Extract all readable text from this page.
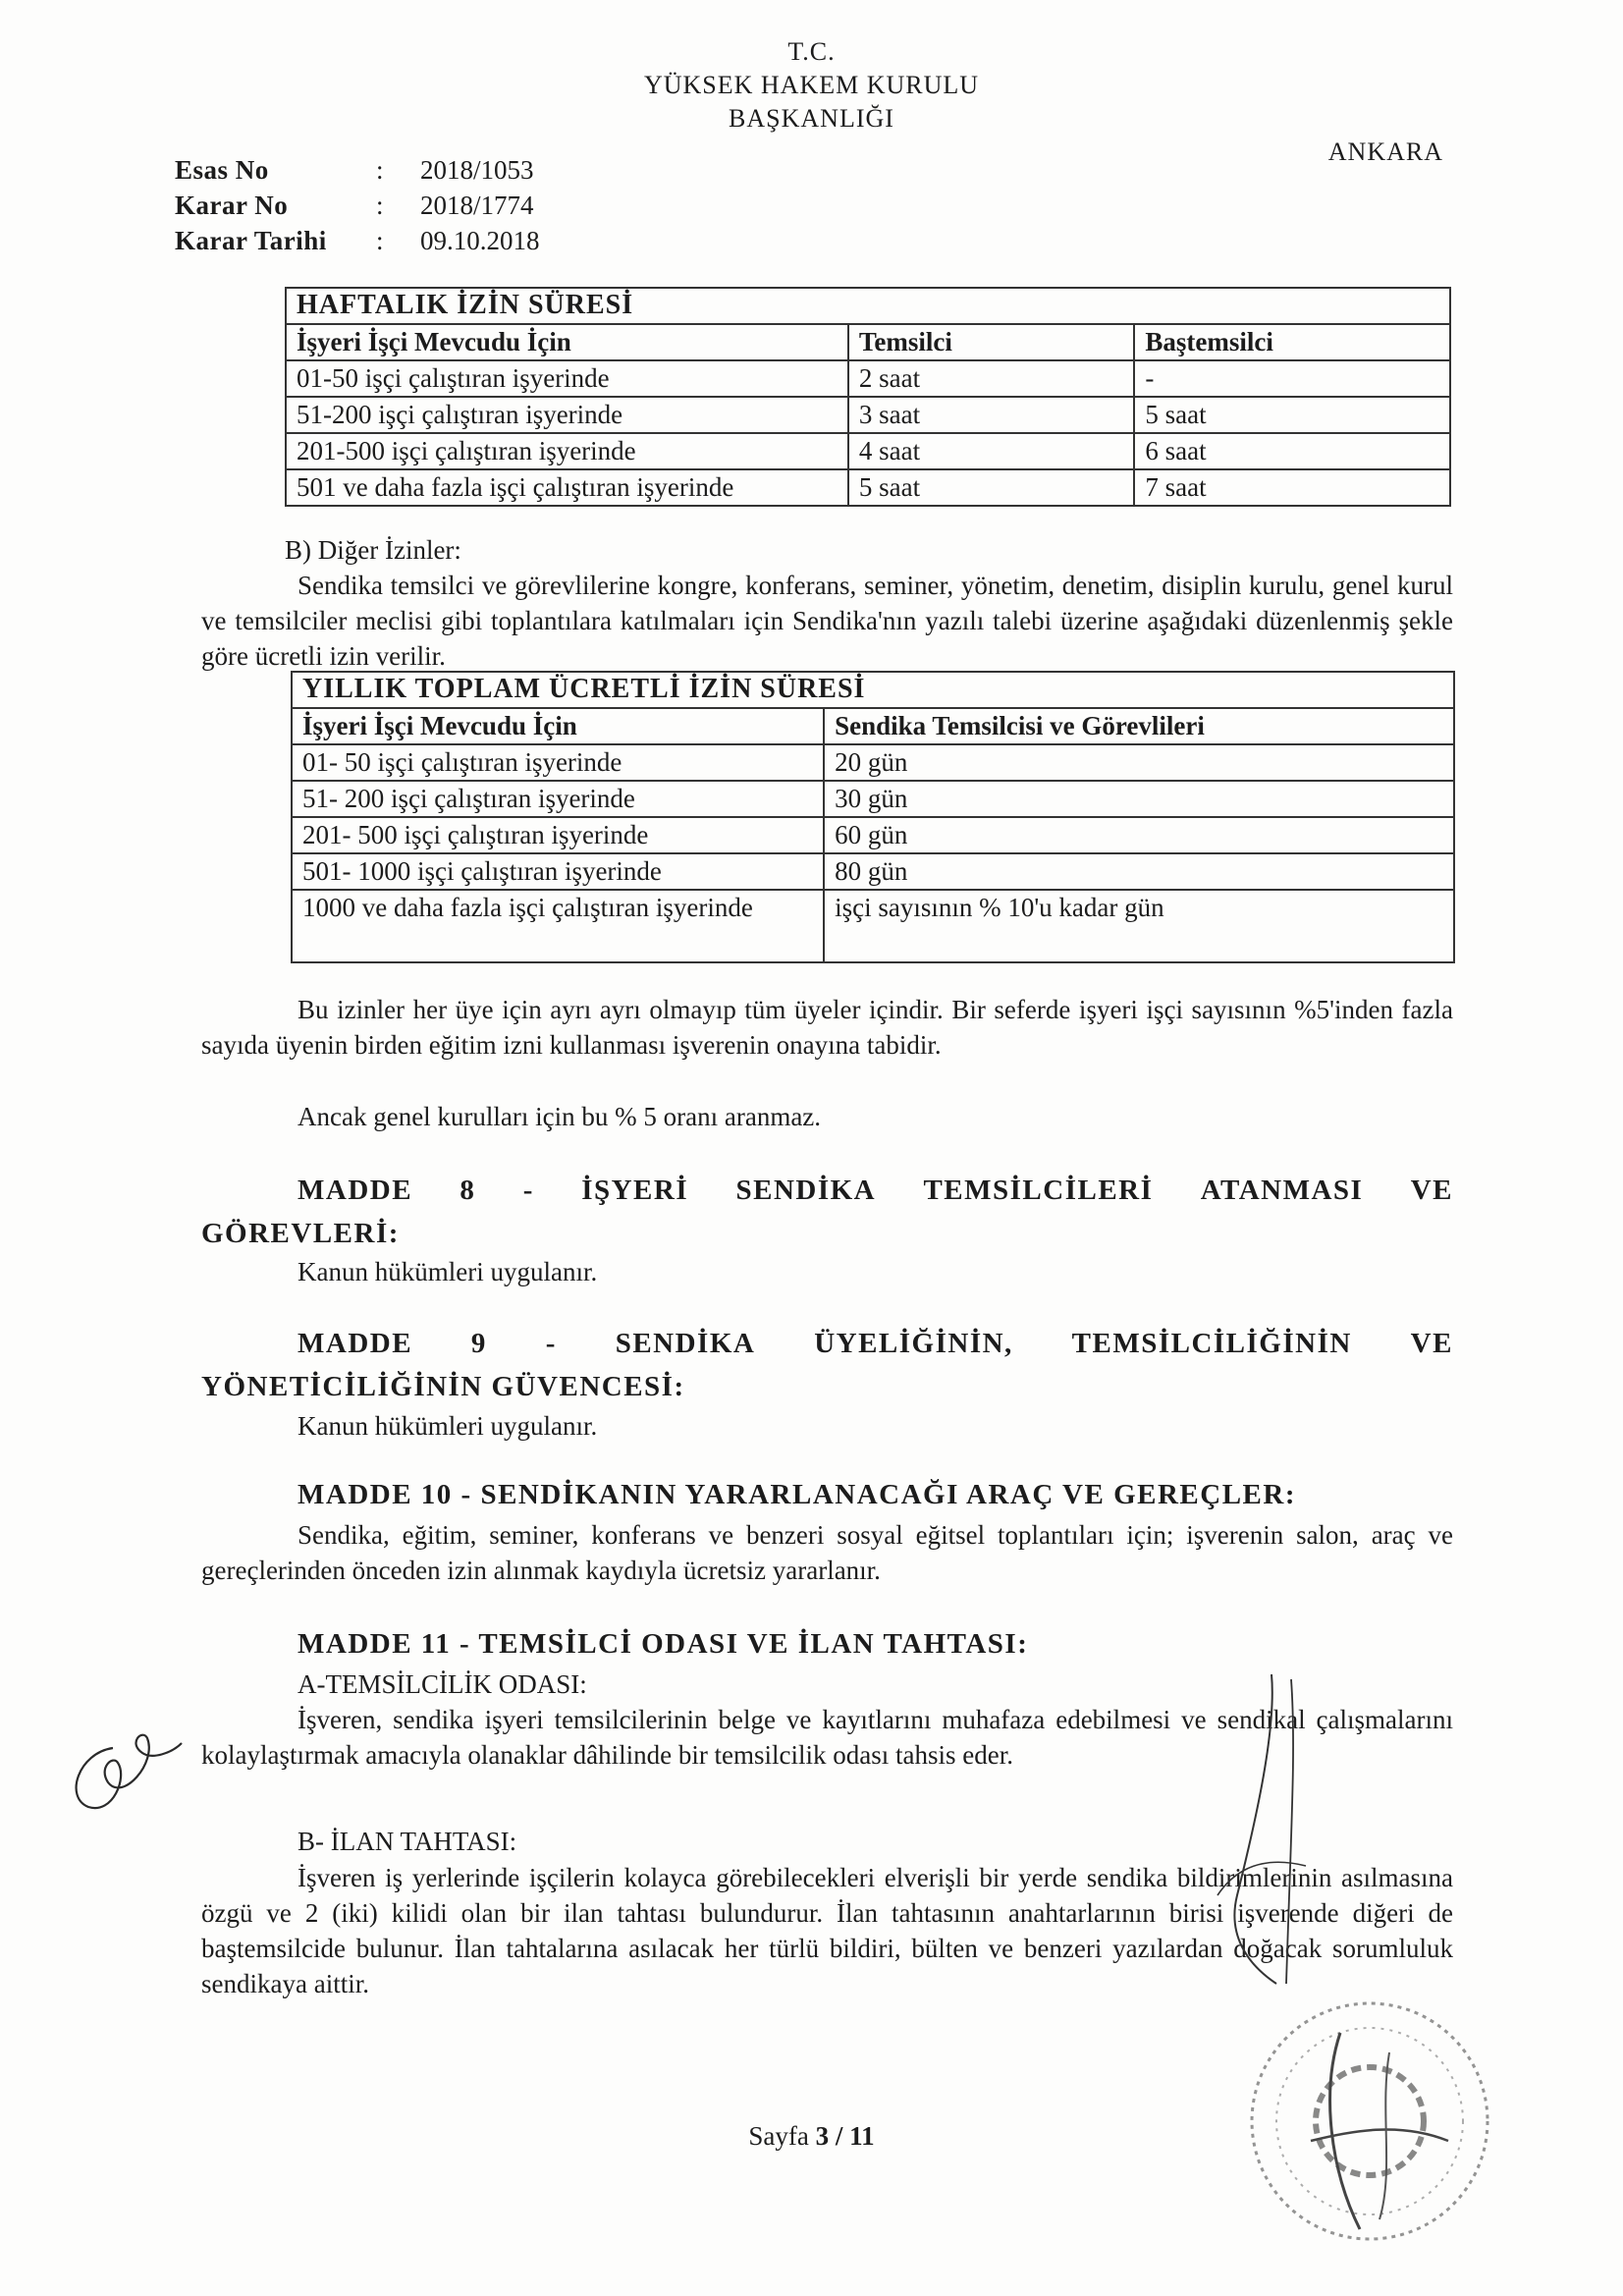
T.C.
YÜKSEK HAKEM KURULU
BAŞKANLIĞI
ANKARA
Esas No	: 2018/1053
Karar No	: 2018/1774
Karar Tarihi : 09.10.2018
HAFTALIK İZİN SÜRESİ		
İşyeri İşçi Mevcudu İçin	Temsilci	Baştemsilci
01-50 işçi çalıştıran işyerinde	2 saat	-
51-200 işçi çalıştıran işyerinde	3 saat	5 saat
201-500 işçi çalıştıran işyerinde	4 saat	6 saat
501 ve daha fazla işçi çalıştıran işyerinde	5 saat	7 saat
B) Diğer İzinler:
Sendika temsilci ve görevlilerine kongre, konferans, seminer, yönetim, denetim, disiplin kurulu, genel kurul ve temsilciler meclisi gibi toplantılara katılmaları için Sendika'nın yazılı talebi üzerine aşağıdaki düzenlenmiş şekle göre ücretli izin verilir.
YILLIK TOPLAM ÜCRETLİ İZİN SÜRESİ	
İşyeri İşçi Mevcudu İçin	Sendika Temsilcisi ve Görevlileri
01- 50 işçi çalıştıran işyerinde	20 gün
51- 200 işçi çalıştıran işyerinde	30 gün
201- 500 işçi çalıştıran işyerinde	60 gün
501- 1000 işçi çalıştıran işyerinde	80 gün
1000 ve daha fazla işçi çalıştıran işyerinde	işçi sayısının % 10'u kadar gün
Bu izinler her üye için ayrı ayrı olmayıp tüm üyeler içindir. Bir seferde işyeri işçi sayısının %5'inden fazla sayıda üyenin birden eğitim izni kullanması işverenin onayına tabidir.
Ancak genel kurulları için bu % 5 oranı aranmaz.
MADDE 8 - İŞYERİ SENDİKA TEMSİLCİLERİ ATANMASI VE
GÖREVLERİ:
Kanun hükümleri uygulanır.
MADDE 9 - SENDİKA ÜYELİĞİNİN, TEMSİLCİLİĞİNİN VE
YÖNETİCİLİĞİNİN GÜVENCESİ:
Kanun hükümleri uygulanır.
MADDE 10 - SENDİKANIN YARARLANACAĞI ARAÇ VE GEREÇLER:
Sendika, eğitim, seminer, konferans ve benzeri sosyal eğitsel toplantıları için; işverenin salon, araç ve gereçlerinden önceden izin alınmak kaydıyla ücretsiz yararlanır.
MADDE 11 - TEMSİLCİ ODASI VE İLAN TAHTASI:
A-TEMSİLCİLİK ODASI:
İşveren, sendika işyeri temsilcilerinin belge ve kayıtlarını muhafaza edebilmesi ve sendikal çalışmalarını kolaylaştırmak amacıyla olanaklar dâhilinde bir temsilcilik odası tahsis eder.
B- İLAN TAHTASI:
İşveren iş yerlerinde işçilerin kolayca görebilecekleri elverişli bir yerde sendika bildirimlerinin asılmasına özgü ve 2 (iki) kilidi olan bir ilan tahtası bulundurur. İlan tahtasının anahtarlarının birisi işverende diğeri de baştemsilcide bulunur. İlan tahtalarına asılacak her türlü bildiri, bülten ve benzeri yazılardan doğacak sorumluluk sendikaya aittir.
Sayfa 3 / 11
